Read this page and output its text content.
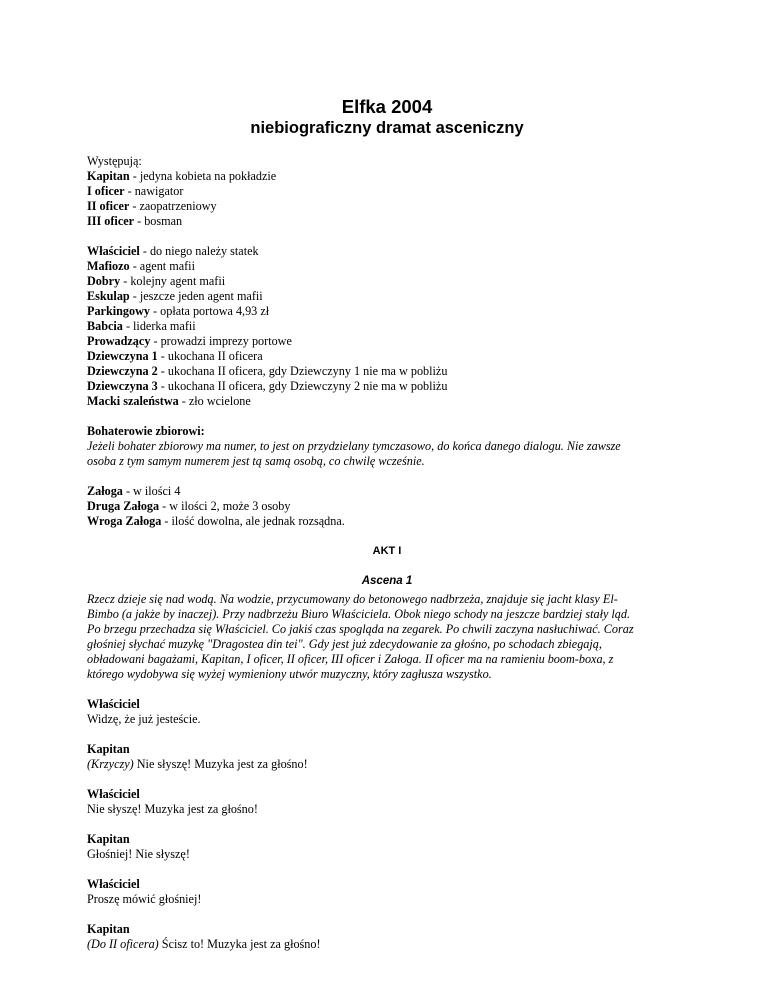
Elfka 2004
niebiograficzny dramat asceniczny
Występują:
Kapitan - jedyna kobieta na pokładzie
I oficer - nawigator
II oficer - zaopatrzeniowy
III oficer - bosman
Właściciel - do niego należy statek
Mafiozo - agent mafii
Dobry - kolejny agent mafii
Eskulap - jeszcze jeden agent mafii
Parkingowy - opłata portowa 4,93 zł
Babcia - liderka mafii
Prowadzący - prowadzi imprezy portowe
Dziewczyna 1 - ukochana II oficera
Dziewczyna 2 - ukochana II oficera, gdy Dziewczyny 1 nie ma w pobliżu
Dziewczyna 3 - ukochana II oficera, gdy Dziewczyny 2 nie ma w pobliżu
Macki szaleństwa - zło wcielone
Bohaterowie zbiorowi:
Jeżeli bohater zbiorowy ma numer, to jest on przydzielany tymczasowo, do końca danego dialogu. Nie zawsze
osoba z tym samym numerem jest tą samą osobą, co chwilę wcześnie.
Załoga - w ilości 4
Druga Załoga - w ilości 2, może 3 osoby
Wroga Załoga - ilość dowolna, ale jednak rozsądna.
AKT I
Ascena 1
Rzecz dzieje się nad wodą. Na wodzie, przycumowany do betonowego nadbrzeża, znajduje się jacht klasy El-
Bimbo (a jakże by inaczej). Przy nadbrzeżu Biuro Właściciela. Obok niego schody na jeszcze bardziej stały ląd.
Po brzegu przechadza się Właściciel. Co jakiś czas spogląda na zegarek. Po chwili zaczyna nasłuchiwać. Coraz
głośniej słychać muzykę "Dragostea din tei". Gdy jest już zdecydowanie za głośno, po schodach zbiegają,
obładowani bagażami, Kapitan, I oficer, II oficer, III oficer i Załoga. II oficer ma na ramieniu boom-boxa, z
którego wydobywa się wyżej wymieniony utwór muzyczny, który zagłusza wszystko.
Właściciel
Widzę, że już jesteście.
Kapitan
(Krzyczy) Nie słyszę! Muzyka jest za głośno!
Właściciel
Nie słyszę! Muzyka jest za głośno!
Kapitan
Głośniej! Nie słyszę!
Właściciel
Proszę mówić głośniej!
Kapitan
(Do II oficera) Ścisz to! Muzyka jest za głośno!
